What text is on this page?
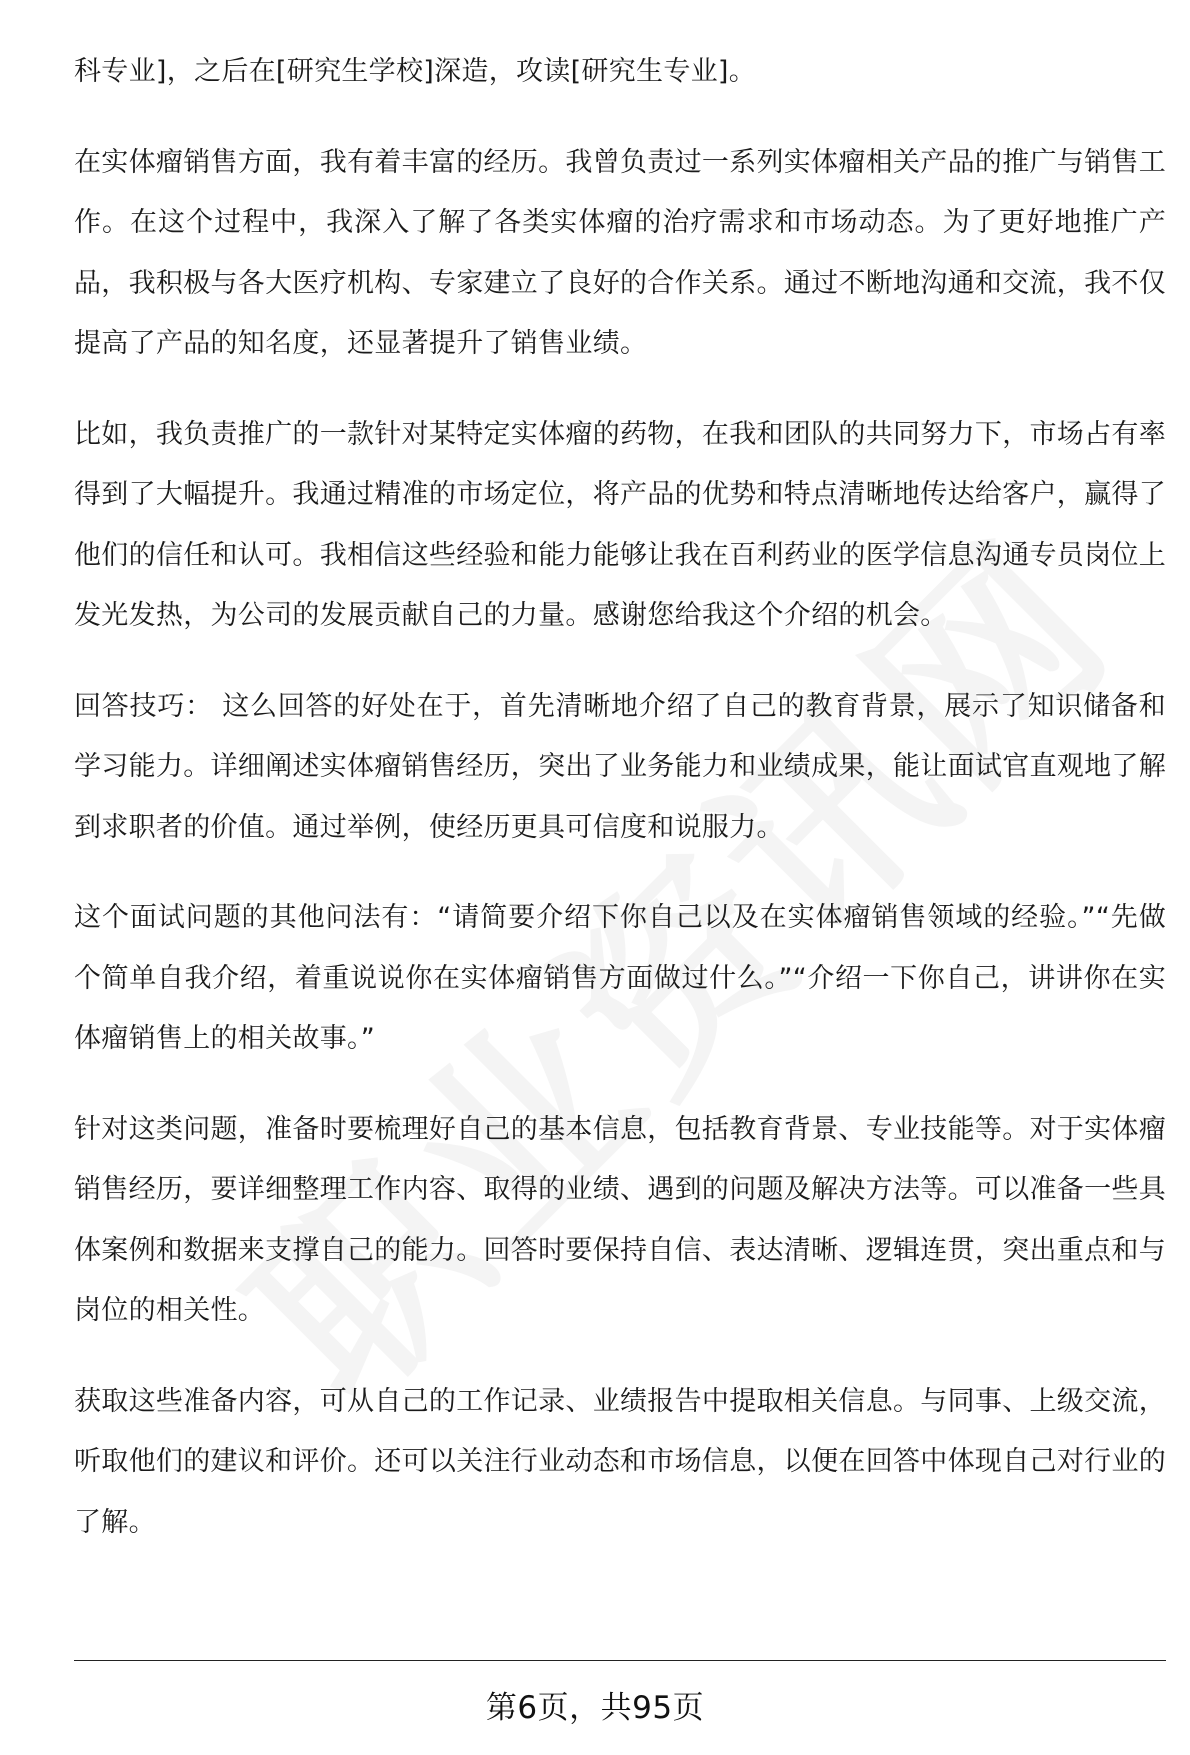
科专业]，之后在[研究生学校]深造，攻读[研究生专业]。

在实体瘤销售方面，我有着丰富的经历。我曾负责过一系列实体瘤相关产品的推广与销售工作。在这个过程中，我深入了解了各类实体瘤的治疗需求和市场动态。为了更好地推广产品，我积极与各大医疗机构、专家建立了良好的合作关系。通过不断地沟通和交流，我不仅提高了产品的知名度，还显著提升了销售业绩。

比如，我负责推广的一款针对某特定实体瘤的药物，在我和团队的共同努力下，市场占有率得到了大幅提升。我通过精准的市场定位，将产品的优势和特点清晰地传达给客户，赢得了他们的信任和认可。我相信这些经验和能力能够让我在百利药业的医学信息沟通专员岗位上发光发热，为公司的发展贡献自己的力量。感谢您给我这个介绍的机会。

回答技巧： 这么回答的好处在于，首先清晰地介绍了自己的教育背景，展示了知识储备和学习能力。详细阐述实体瘤销售经历，突出了业务能力和业绩成果，能让面试官直观地了解到求职者的价值。通过举例，使经历更具可信度和说服力。

这个面试问题的其他问法有：“请简要介绍下你自己以及在实体瘤销售领域的经验。”“先做个简单自我介绍，着重说说你在实体瘤销售方面做过什么。”“介绍一下你自己，讲讲你在实体瘤销售上的相关故事。”

针对这类问题，准备时要梳理好自己的基本信息，包括教育背景、专业技能等。对于实体瘤销售经历，要详细整理工作内容、取得的业绩、遇到的问题及解决方法等。可以准备一些具体案例和数据来支撑自己的能力。回答时要保持自信、表达清晰、逻辑连贯，突出重点和与岗位的相关性。

获取这些准备内容，可从自己的工作记录、业绩报告中提取相关信息。与同事、上级交流，听取他们的建议和评价。还可以关注行业动态和市场信息，以便在回答中体现自己对行业的了解。

第6页，共95页
